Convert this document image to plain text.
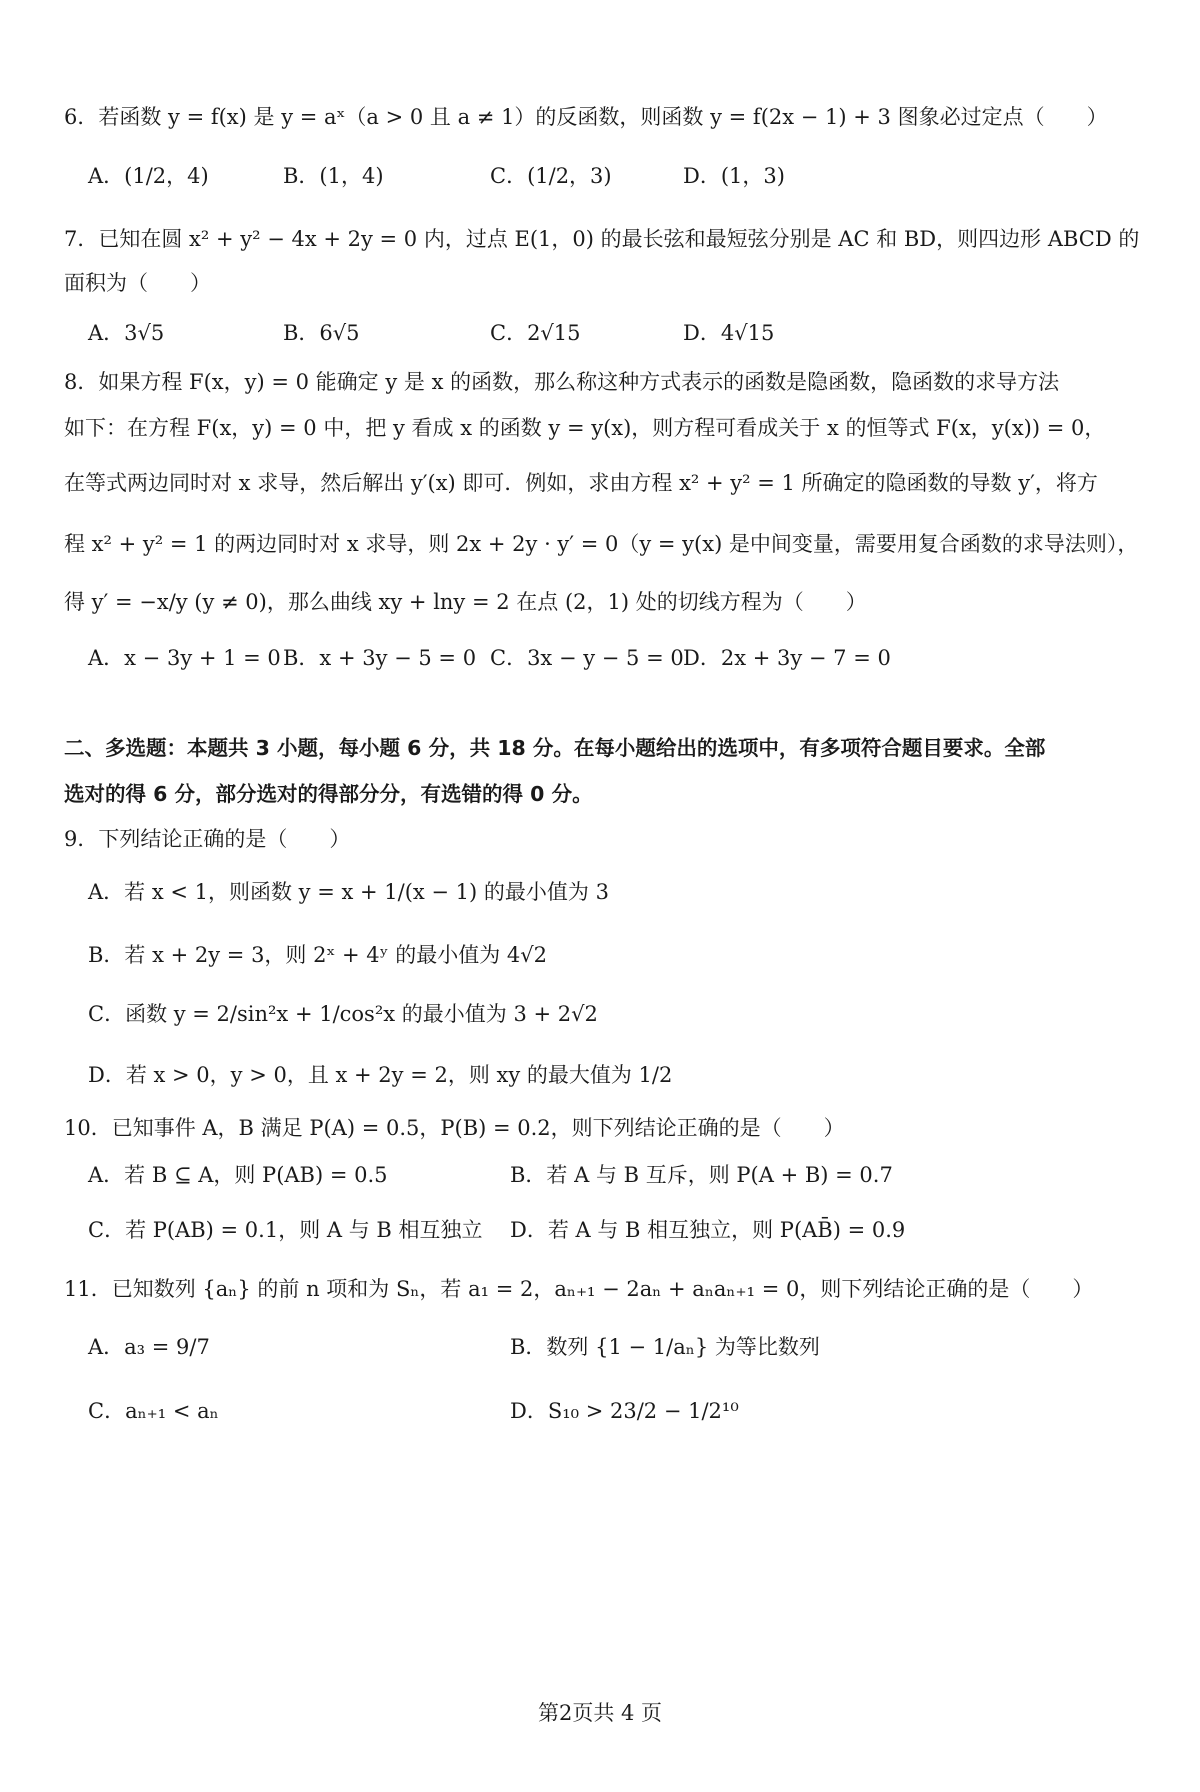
6．若函数 y = f(x) 是 y = aˣ（a > 0 且 a ≠ 1）的反函数，则函数 y = f(2x − 1) + 3 图象必过定点（　　）
A．(1/2，4)	B．(1，4)	C．(1/2，3)	D．(1，3)
7．已知在圆 x² + y² − 4x + 2y = 0 内，过点 E(1，0) 的最长弦和最短弦分别是 AC 和 BD，则四边形 ABCD 的
面积为（　　）
A．3√5	B．6√5	C．2√15	D．4√15
8．如果方程 F(x，y) = 0 能确定 y 是 x 的函数，那么称这种方式表示的函数是隐函数，隐函数的求导方法
如下：在方程 F(x，y) = 0 中，把 y 看成 x 的函数 y = y(x)，则方程可看成关于 x 的恒等式 F(x，y(x)) = 0，
在等式两边同时对 x 求导，然后解出 y′(x) 即可．例如，求由方程 x² + y² = 1 所确定的隐函数的导数 y′，将方
程 x² + y² = 1 的两边同时对 x 求导，则 2x + 2y · y′ = 0（y = y(x) 是中间变量，需要用复合函数的求导法则），
得 y′ = −x/y (y ≠ 0)，那么曲线 xy + lny = 2 在点 (2，1) 处的切线方程为（　　）
A．x − 3y + 1 = 0 B．x + 3y − 5 = 0 C．3x − y − 5 = 0 D．2x + 3y − 7 = 0
二、多选题：本题共 3 小题，每小题 6 分，共 18 分。在每小题给出的选项中，有多项符合题目要求。全部
选对的得 6 分，部分选对的得部分分，有选错的得 0 分。
9．下列结论正确的是（　　）
A．若 x < 1，则函数 y = x + 1/(x − 1) 的最小值为 3
B．若 x + 2y = 3，则 2ˣ + 4ʸ 的最小值为 4√2
C．函数 y = 2/sin²x + 1/cos²x 的最小值为 3 + 2√2
D．若 x > 0，y > 0，且 x + 2y = 2，则 xy 的最大值为 1/2
10．已知事件 A，B 满足 P(A) = 0.5，P(B) = 0.2，则下列结论正确的是（　　）
A．若 B ⊆ A，则 P(AB) = 0.5	B．若 A 与 B 互斥，则 P(A + B) = 0.7
C．若 P(AB) = 0.1，则 A 与 B 相互独立 D．若 A 与 B 相互独立，则 P(AB̄) = 0.9
11．已知数列 {aₙ} 的前 n 项和为 Sₙ，若 a₁ = 2，aₙ₊₁ − 2aₙ + aₙaₙ₊₁ = 0，则下列结论正确的是（　　）
A．a₃ = 9/7	B．数列 {1 − 1/aₙ} 为等比数列
C．aₙ₊₁ < aₙ	D．S₁₀ > 23/2 − 1/2¹⁰
第2页共 4 页
